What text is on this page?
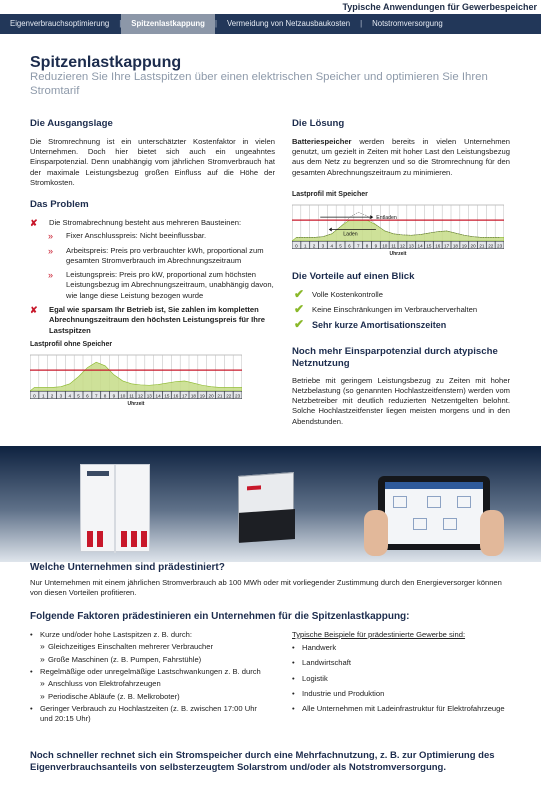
Typische Anwendungen für Gewerbespeicher
Eigenverbrauchsoptimierung	|	Spitzenlastkappung	|	Vermeidung von Netzausbaukosten	|	Notstromversorgung
Spitzenlastkappung
Reduzieren Sie Ihre Lastspitzen über einen elektrischen Speicher und optimieren Sie Ihren Stromtarif
Die Ausgangslage
Die Stromrechnung ist ein unterschätzter Kostenfaktor in vielen Unternehmen. Doch hier bietet sich auch ein ungeahntes Einsparpotenzial. Denn unabhängig vom jährlichen Stromverbrauch hat der maximale Leistungsbezug großen Einfluss auf die Höhe der Stromkosten.
Das Problem
✘ Die Stromabrechnung besteht aus mehreren Bausteinen:
» Fixer Anschlusspreis: Nicht beeinflussbar.
» Arbeitspreis: Preis pro verbrauchter kWh, proportional zum gesamten Stromverbrauch im Abrechnungszeitraum
» Leistungspreis: Preis pro kW, proportional zum höchsten Leistungsbezug im Abrechnungszeitraum, unabhängig davon, wie lange diese Leistung bezogen wurde
✘ Egal wie sparsam Ihr Betrieb ist, Sie zahlen im kompletten Abrechnungszeitraum den höchsten Leistungspreis für Ihre Lastspitzen
Lastprofil ohne Speicher
0 1 2 3 4 5 6 7 8 9 10 11 12 13 14 15 16 17 18 19 20 21 22 23
Uhrzeit
Die Lösung
Batteriespeicher werden bereits in vielen Unternehmen genutzt, um gezielt in Zeiten mit hoher Last den Leistungsbezug aus dem Netz zu begrenzen und so die Stromrechnung für den gesamten Abrechnungszeitraum zu minimieren.
Lastprofil mit Speicher
0 1 2 3 4 5 6 7 8 9 10 11 12 13 14 15 16 17 18 19 20 21 22 23
Uhrzeit
Entladen
Laden
Die Vorteile auf einen Blick
✔ Volle Kostenkontrolle
✔ Keine Einschränkungen im Verbraucherverhalten
✔ Sehr kurze Amortisationszeiten
Noch mehr Einsparpotenzial durch atypische Netznutzung
Betriebe mit geringem Leistungsbezug zu Zeiten mit hoher Netzbelastung (so genannten Hochlastzeitfenstern) werden vom Netzbetreiber mit deutlich reduzierten Netzentgelten belohnt. Solche Hochlastzeitfenster liegen meisten morgens und in den Abendstunden.
Welche Unternehmen sind prädestiniert?
Nur Unternehmen mit einem jährlichen Stromverbrauch ab 100 MWh oder mit vorliegender Zustimmung durch den Energieversorger können von diesen Vorteilen profitieren.
Folgende Faktoren prädestinieren ein Unternehmen für die Spitzenlastkappung:
• Kurze und/oder hohe Lastspitzen z. B. durch:
» Gleichzeitiges Einschalten mehrerer Verbraucher
» Große Maschinen (z. B. Pumpen, Fahrstühle)
• Regelmäßige oder unregelmäßige Lastschwankungen z. B. durch
» Anschluss von Elektrofahrzeugen
» Periodische Abläufe (z. B. Melkroboter)
• Geringer Verbrauch zu Hochlastzeiten (z. B. zwischen 17:00 Uhr und 20:15 Uhr)
Typische Beispiele für prädestinierte Gewerbe sind:
• Handwerk
• Landwirtschaft
• Logistik
• Industrie und Produktion
• Alle Unternehmen mit Ladeinfrastruktur für Elektrofahrzeuge
Noch schneller rechnet sich ein Stromspeicher durch eine Mehrfachnutzung, z. B. zur Optimierung des Eigenverbrauchsanteils von selbsterzeugtem Solarstrom und/oder als Notstromversorgung.
